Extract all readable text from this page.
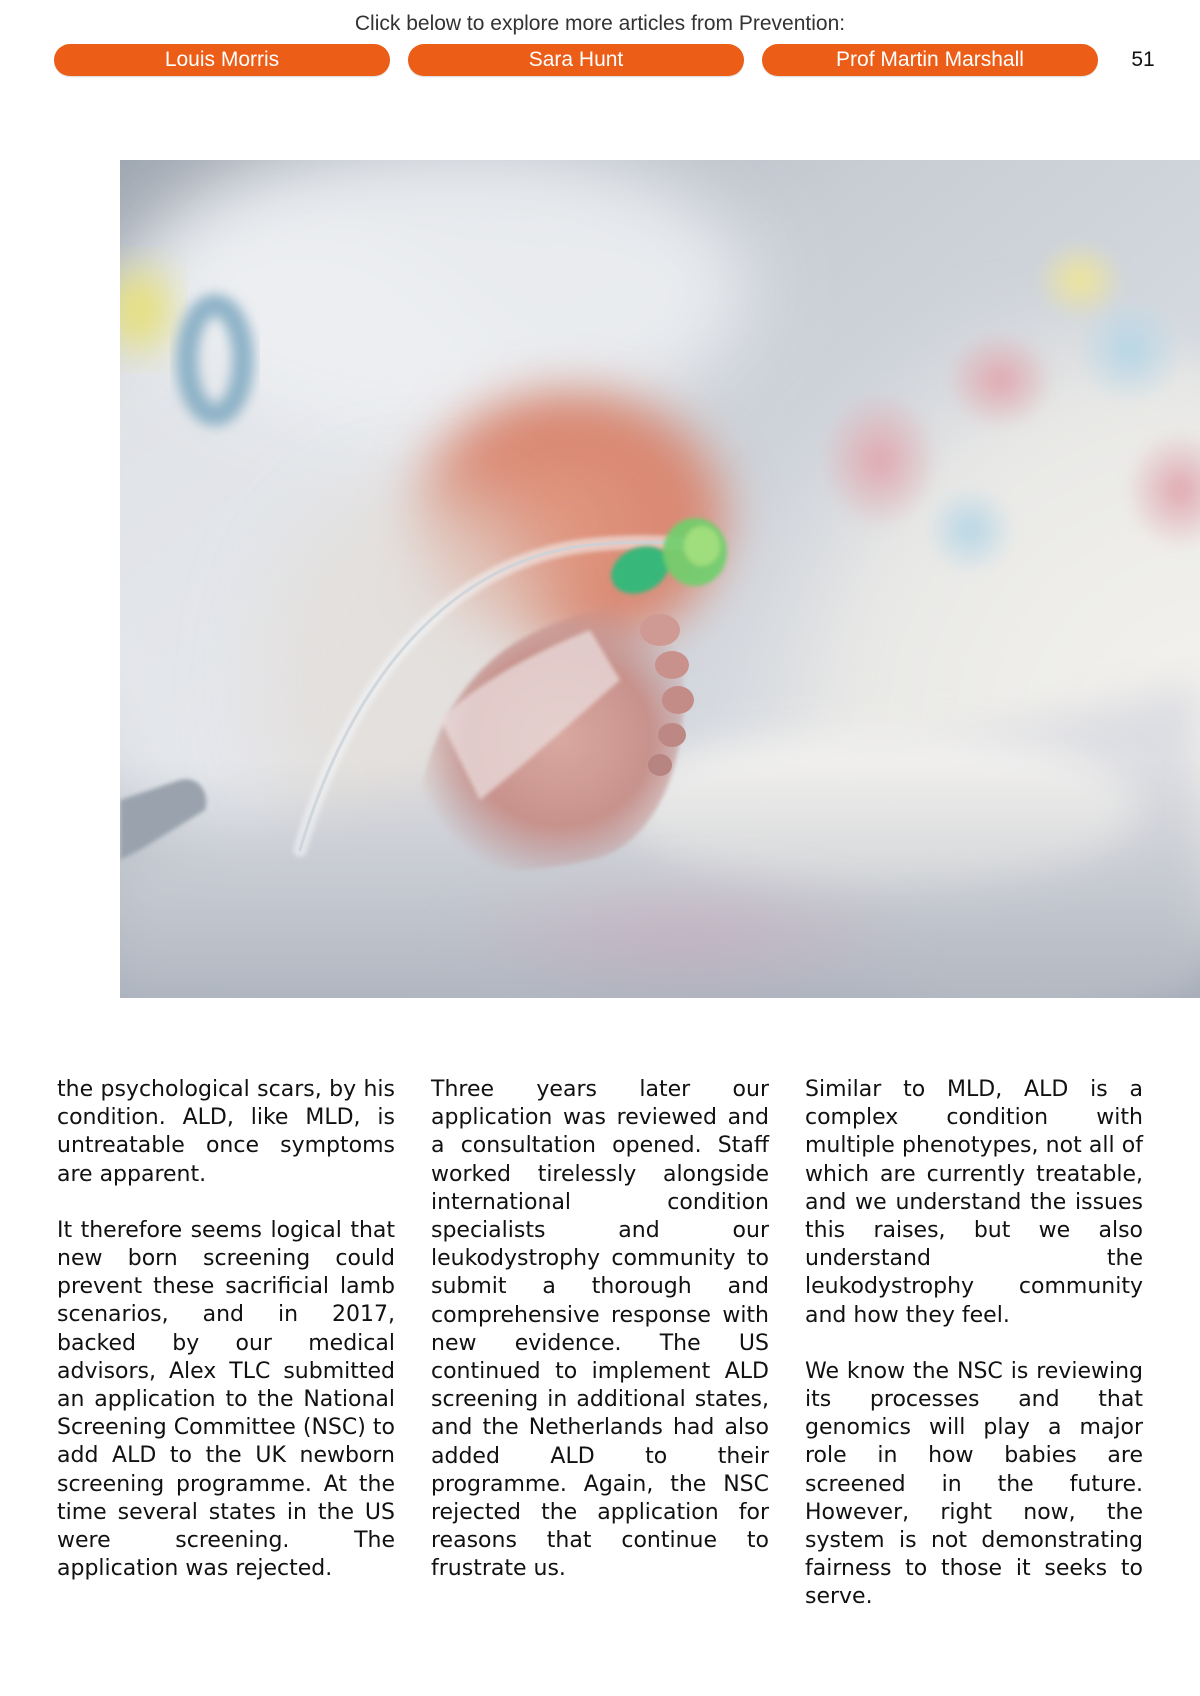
Click below to explore more articles from Prevention:
Louis Morris	Sara Hunt	Prof Martin Marshall	51

the psychological scars, by his condition. ALD, like MLD, is untreatable once symptoms are apparent.

It therefore seems logical that new born screening could prevent these sacrificial lamb scenarios, and in 2017, backed by our medical advisors, Alex TLC submitted an application to the National Screening Committee (NSC) to add ALD to the UK newborn screening programme. At the time several states in the US were screening. The application was rejected.

Three years later our application was reviewed and a consultation opened. Staff worked tirelessly alongside international condition specialists and our leukodystrophy community to submit a thorough and comprehensive response with new evidence. The US continued to implement ALD screening in additional states, and the Netherlands had also added ALD to their programme. Again, the NSC rejected the application for reasons that continue to frustrate us.

Similar to MLD, ALD is a complex condition with multiple phenotypes, not all of which are currently treatable, and we understand the issues this raises, but we also understand the leukodystrophy community and how they feel.

We know the NSC is reviewing its processes and that genomics will play a major role in how babies are screened in the future. However, right now, the system is not demonstrating fairness to those it seeks to serve.
